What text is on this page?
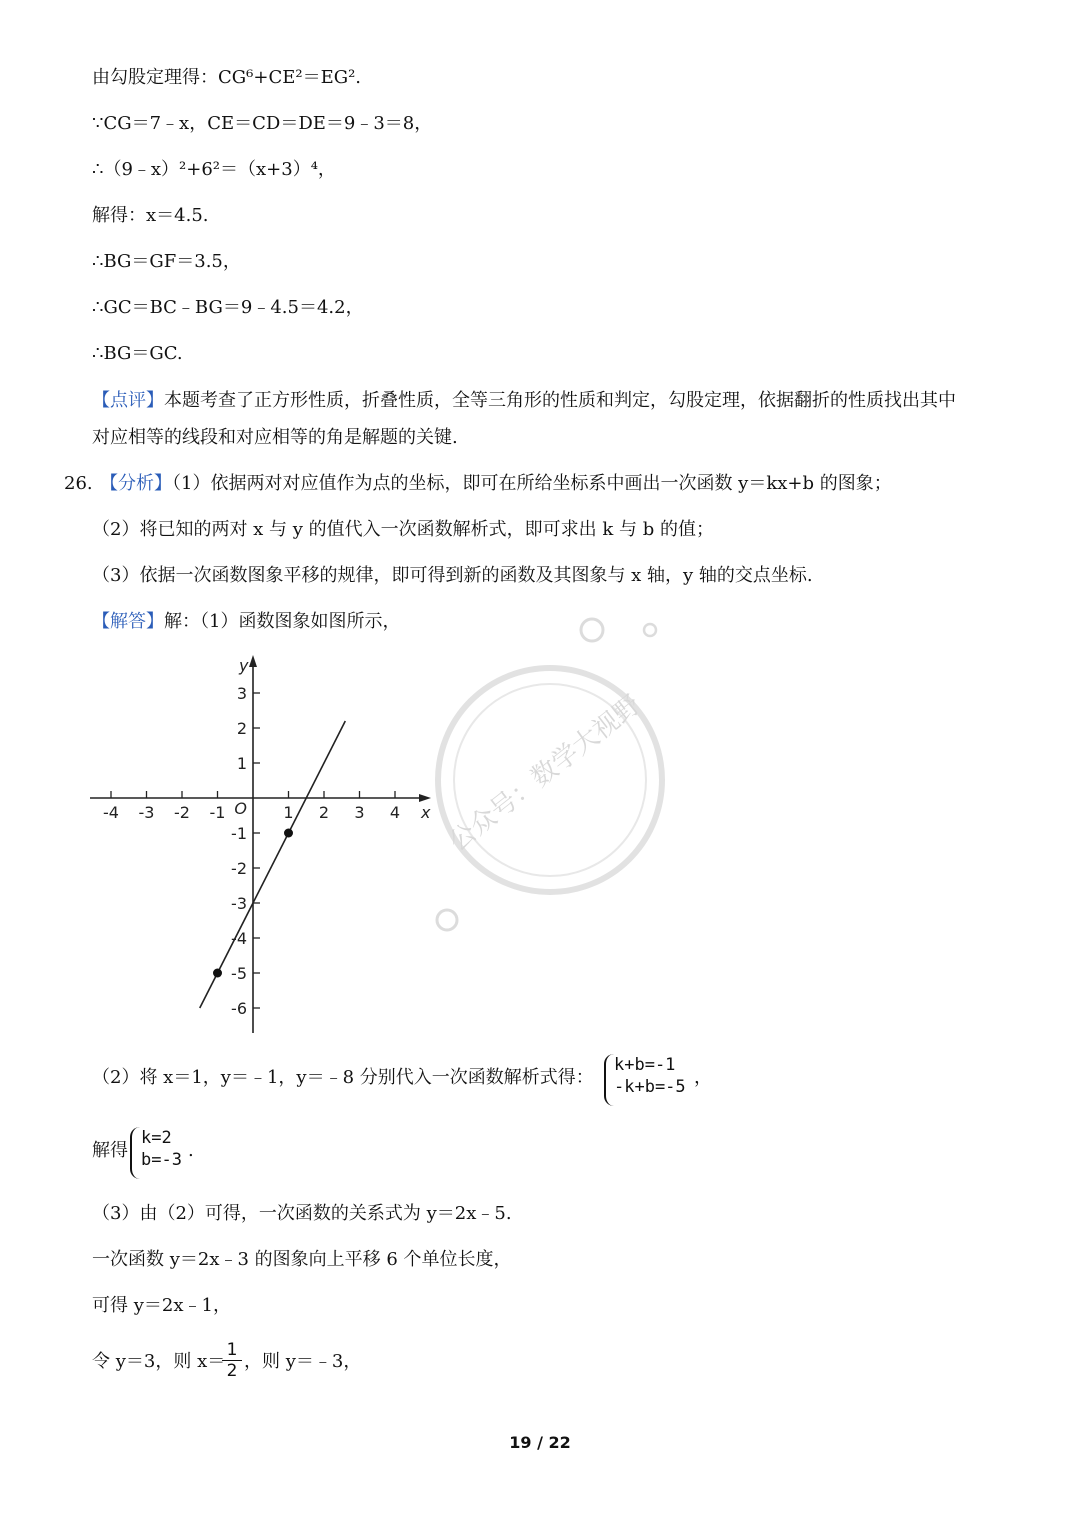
由勾股定理得：CG⁶+CE²＝EG².
∵CG＝7﹣x，CE＝CD＝DE＝9﹣3＝8，
∴（9﹣x）²+6²＝（x+3）⁴，
解得：x＝4.5.
∴BG＝GF＝3.5，
∴GC＝BC﹣BG＝9﹣4.5＝4.2，
∴BG＝GC.
【点评】本题考查了正方形性质，折叠性质，全等三角形的性质和判定，勾股定理，依据翻折的性质找出其中
对应相等的线段和对应相等的角是解题的关键.
26. 【分析】（1）依据两对对应值作为点的坐标，即可在所给坐标系中画出一次函数 y＝kx+b 的图象；
（2）将已知的两对 x 与 y 的值代入一次函数解析式，即可求出 k 与 b 的值；
（3）依据一次函数图象平移的规律，即可得到新的函数及其图象与 x 轴，y 轴的交点坐标.
【解答】解：（1）函数图象如图所示，
公众号：数学大视野
-4 -3 -2 -1	1 2 3 4
3
2
1
-1
-2
-3
-4
-5
-6
O	x
y
（2）将 x＝1，y＝﹣1，y＝﹣8 分别代入一次函数解析式得：
k+b=-1
-k+b=-5 ，
解得
k=2
b=-3 .
（3）由（2）可得，一次函数的关系式为 y＝2x﹣5.
一次函数 y＝2x﹣3 的图象向上平移 6 个单位长度，
可得 y＝2x﹣1，
令 y＝3，则 x＝
$\frac{1}{2}$ ，则 y＝﹣3，
19 / 22
